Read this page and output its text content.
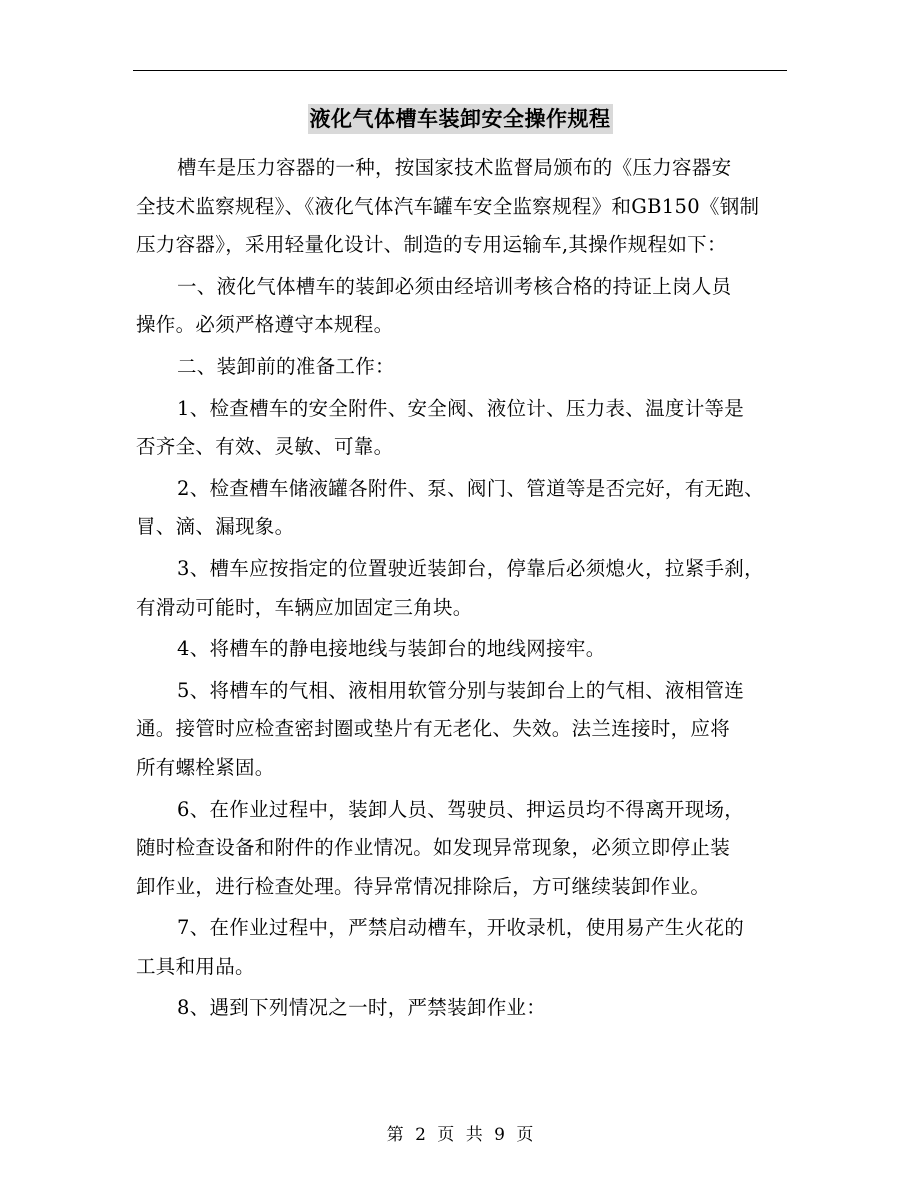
液化气体槽车装卸安全操作规程
槽车是压力容器的一种，按国家技术监督局颁布的《压力容器安
全技术监察规程》、《液化气体汽车罐车安全监察规程》和GB150《钢制
压力容器》，采用轻量化设计、制造的专用运输车,其操作规程如下：
一、液化气体槽车的装卸必须由经培训考核合格的持证上岗人员
操作。必须严格遵守本规程。
二、装卸前的准备工作：
1、检查槽车的安全附件、安全阀、液位计、压力表、温度计等是
否齐全、有效、灵敏、可靠。
2、检查槽车储液罐各附件、泵、阀门、管道等是否完好，有无跑、
冒、滴、漏现象。
3、槽车应按指定的位置驶近装卸台，停靠后必须熄火，拉紧手刹，
有滑动可能时，车辆应加固定三角块。
4、将槽车的静电接地线与装卸台的地线网接牢。
5、将槽车的气相、液相用软管分别与装卸台上的气相、液相管连
通。接管时应检查密封圈或垫片有无老化、失效。法兰连接时，应将
所有螺栓紧固。
6、在作业过程中，装卸人员、驾驶员、押运员均不得离开现场，
随时检查设备和附件的作业情况。如发现异常现象，必须立即停止装
卸作业，进行检查处理。待异常情况排除后，方可继续装卸作业。
7、在作业过程中，严禁启动槽车，开收录机，使用易产生火花的
工具和用品。
8、遇到下列情况之一时，严禁装卸作业：
第 2 页 共 9 页
